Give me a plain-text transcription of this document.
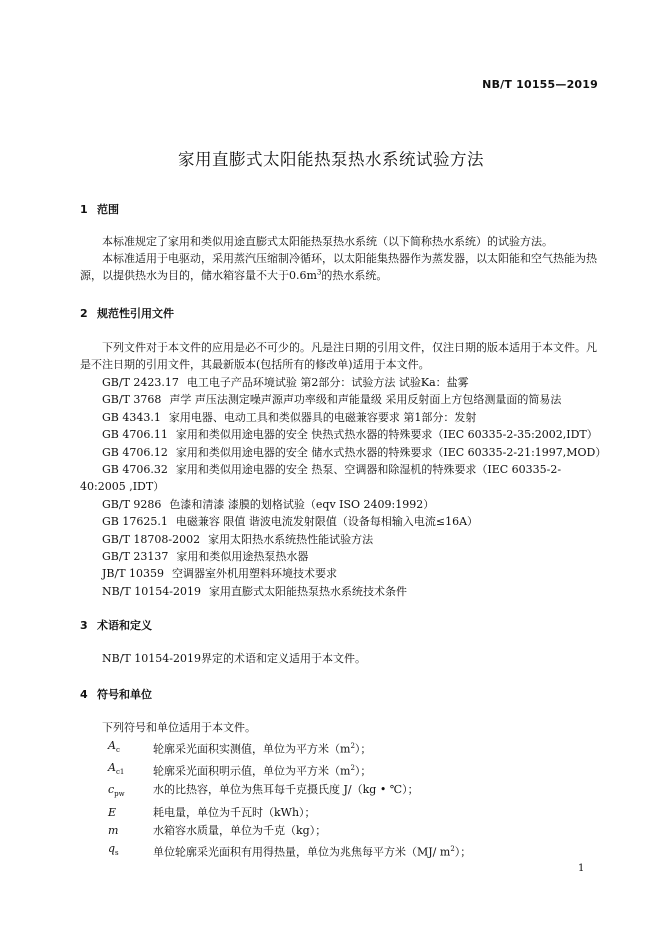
NB/T 10155—2019
家用直膨式太阳能热泵热水系统试验方法
1 范围

本标准规定了家用和类似用途直膨式太阳能热泵热水系统（以下简称热水系统）的试验方法。

本标准适用于电驱动，采用蒸汽压缩制冷循环，以太阳能集热器作为蒸发器，以太阳能和空气热能为热源，以提供热水为目的，储水箱容量不大于$0.6m^3$的热水系统。

2 规范性引用文件

下列文件对于本文件的应用是必不可少的。凡是注日期的引用文件，仅注日期的版本适用于本文件。凡是不注日期的引用文件，其最新版本(包括所有的修改单)适用于本文件。

GB/T 2423.17 电工电子产品环境试验 第2部分：试验方法 试验Ka：盐雾
GB/T 3768 声学 声压法测定噪声源声功率级和声能量级 采用反射面上方包络测量面的简易法
GB 4343.1 家用电器、电动工具和类似器具的电磁兼容要求 第1部分：发射
GB 4706.11 家用和类似用途电器的安全 快热式热水器的特殊要求（IEC 60335-2-35:2002,IDT）
GB 4706.12 家用和类似用途电器的安全 储水式热水器的特殊要求（IEC 60335-2-21:1997,MOD）
GB 4706.32 家用和类似用途电器的安全 热泵、空调器和除湿机的特殊要求（IEC 60335-2-
40:2005 ,IDT）
GB/T 9286 色漆和清漆 漆膜的划格试验（eqv ISO 2409:1992）
GB 17625.1 电磁兼容 限值 谐波电流发射限值（设备每相输入电流≤16A）
GB/T 18708-2002 家用太阳热水系统热性能试验方法
GB/T 23137 家用和类似用途热泵热水器
JB/T 10359 空调器室外机用塑料环境技术要求
NB/T 10154-2019 家用直膨式太阳能热泵热水系统技术条件
3 术语和定义

NB/T 10154-2019界定的术语和定义适用于本文件。

4 符号和单位
下列符号和单位适用于本文件。
$A_c$	轮廓采光面积实测值，单位为平方米$(m^2)$；
$A_{c1}$	轮廓采光面积明示值，单位为平方米$(m^2)$；
$c_{pw}$	水的比热容，单位为焦耳每千克摄氏度 J/（kg • ℃）；
E	耗电量，单位为千瓦时（kWh）；
m	水箱容水质量，单位为千克（kg）；
$q_s$	单位轮廓采光面积有用得热量，单位为兆焦每平方米（MJ/ $m^2$）；
1
